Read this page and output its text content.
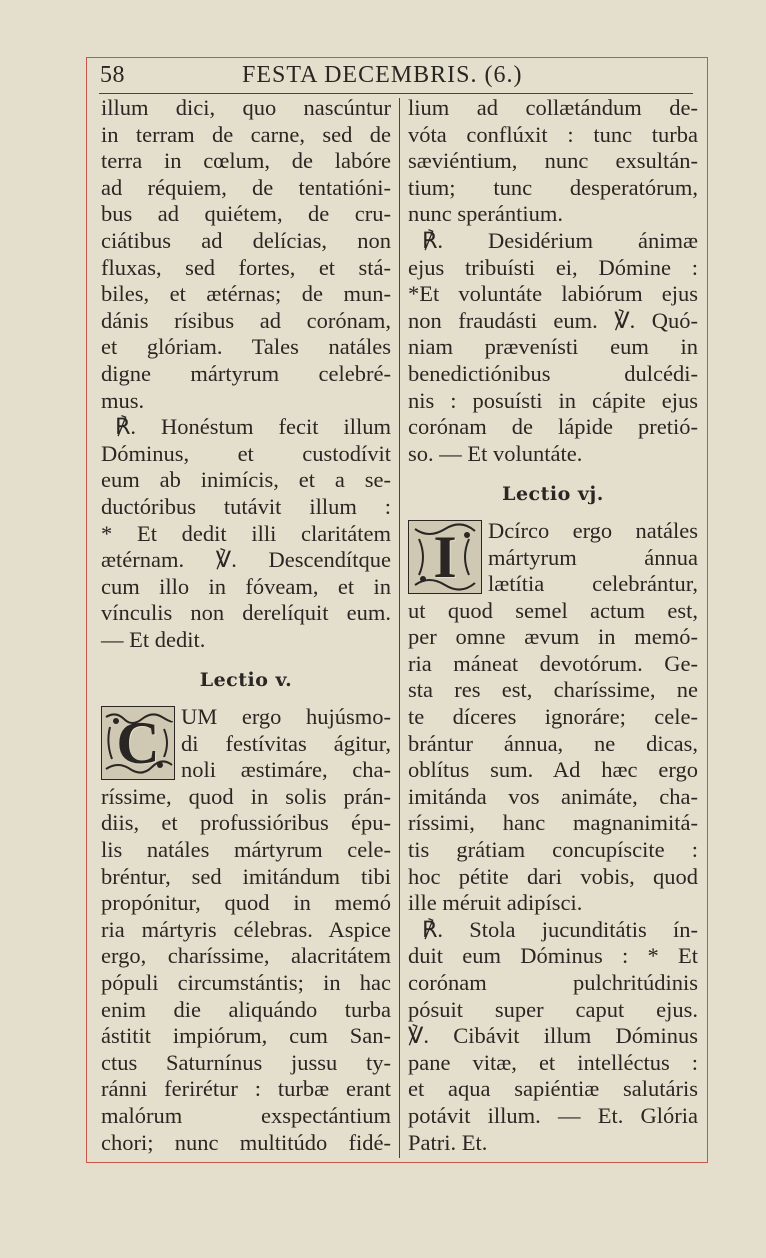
58	FESTA DECEMBRIS. (6.)
illum dici, quo nascúntur
in terram de carne, sed de
terra in cœlum, de labóre
ad réquiem, de tentatióni-
bus ad quiétem, de cru-
ciátibus ad delícias, non
fluxas, sed fortes, et stá-
biles, et ætérnas; de mun-
dánis rísibus ad corónam,
et glóriam. Tales natáles
digne mártyrum celebré-
mus.
℟. Honéstum fecit illum
Dóminus, et custodívit
eum ab inimícis, et a se-
ductóribus tutávit illum :
* Et dedit illi claritátem
ætérnam. ℣. Descendítque
cum illo in fóveam, et in
vínculis non derelíquit eum.
— Et dedit.
Lectio v.
C UM ergo hujúsmo-
di festívitas ágitur,
noli æstimáre, cha-
ríssime, quod in solis prán-
diis, et profussióribus épu-
lis natáles mártyrum cele-
bréntur, sed imitándum tibi
propónitur, quod in memó
ria mártyris célebras. Aspice
ergo, charíssime, alacritátem
pópuli circumstántis; in hac
enim die aliquándo turba
ástitit impiórum, cum San-
ctus Saturnínus jussu ty-
ránni ferirétur : turbæ erant
malórum exspectántium
chori; nunc multitúdo fidé-
lium ad collætándum de-
vóta conflúxit : tunc turba
sæviéntium, nunc exsultán-
tium; tunc desperatórum,
nunc sperántium.
℟. Desidérium ánimæ
ejus tribuísti ei, Dómine :
*Et voluntáte labiórum ejus
non fraudásti eum. ℣. Quó-
niam prævenísti eum in
benedictiónibus dulcédi-
nis : posuísti in cápite ejus
corónam de lápide pretió-
so. — Et voluntáte.
Lectio vj.
I	Dcírco ergo natáles
mártyrum ánnua
lætítia celebrántur,
ut quod semel actum est,
per omne ævum in memó-
ria máneat devotórum. Ge-
sta res est, charíssime, ne
te díceres ignoráre; cele-
brántur ánnua, ne dicas,
oblítus sum. Ad hæc ergo
imitánda vos animáte, cha-
ríssimi, hanc magnanimitá-
tis grátiam concupíscite :
hoc pétite dari vobis, quod
ille méruit adipísci.
℟. Stola jucunditátis ín-
duit eum Dóminus : * Et
corónam pulchritúdinis
pósuit super caput ejus.
℣. Cibávit illum Dóminus
pane vitæ, et intelléctus :
et aqua sapiéntiæ salutáris
potávit illum. — Et. Glória
Patri. Et.
